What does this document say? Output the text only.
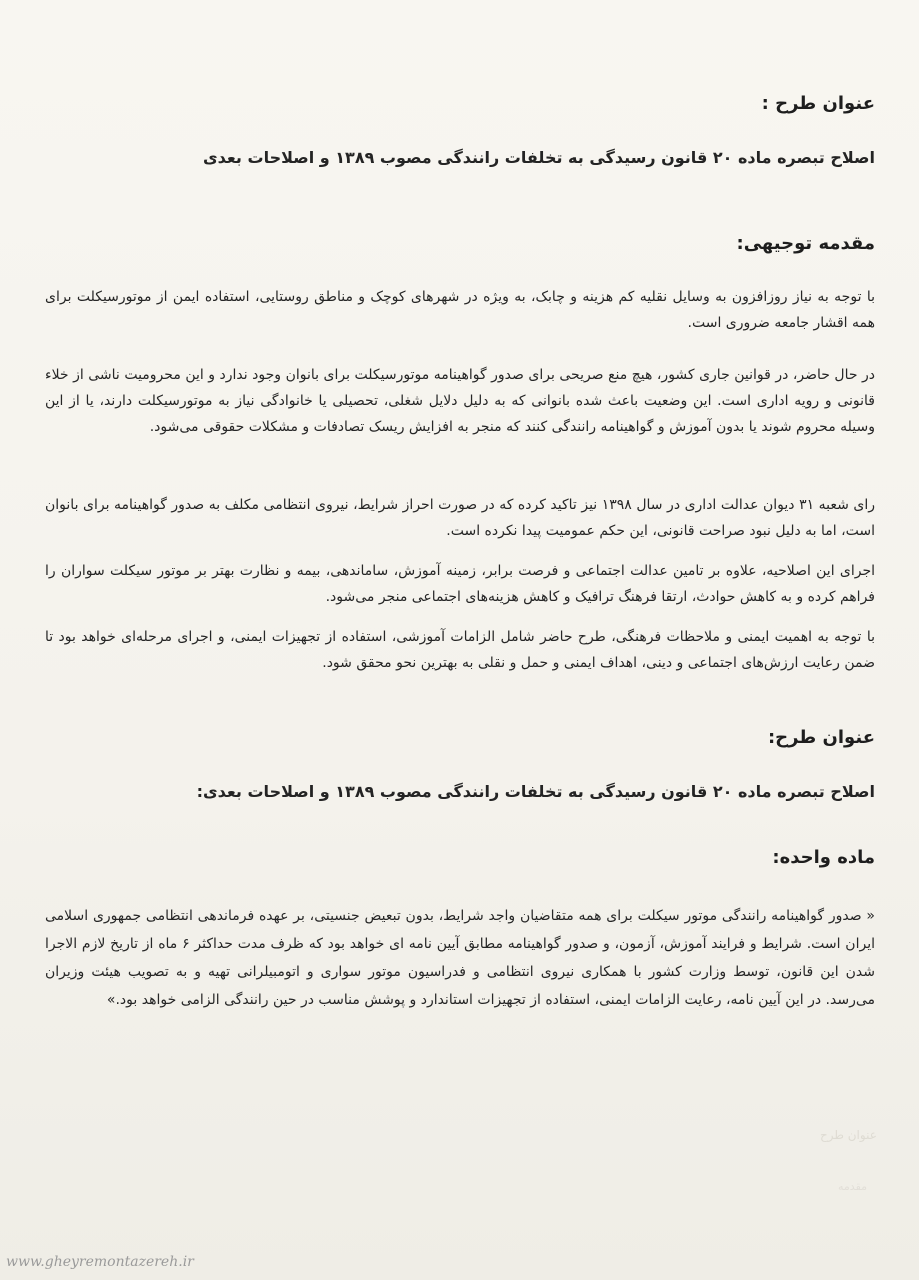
عنوان طرح :
اصلاح تبصره ماده ۲۰ قانون رسیدگی به تخلفات رانندگی مصوب ۱۳۸۹ و اصلاحات بعدی
مقدمه توجیهی:

با توجه به نیاز روزافزون به وسایل نقلیه کم هزینه و چابک، به ویژه در شهرهای کوچک و مناطق روستایی، استفاده ایمن از موتورسیکلت برای همه اقشار جامعه ضروری است.

در حال حاضر، در قوانین جاری کشور، هیچ منع صریحی برای صدور گواهینامه موتورسیکلت برای بانوان وجود ندارد و این محرومیت ناشی از خلاء قانونی و رویه اداری است. این وضعیت باعث شده بانوانی که به دلیل دلایل شغلی، تحصیلی یا خانوادگی نیاز به موتورسیکلت دارند، یا از این وسیله محروم شوند یا بدون آموزش و گواهینامه رانندگی کنند که منجر به افزایش ریسک تصادفات و مشکلات حقوقی می‌شود.

رای شعبه ۳۱ دیوان عدالت اداری در سال ۱۳۹۸ نیز تاکید کرده که در صورت احراز شرایط، نیروی انتظامی مکلف به صدور گواهینامه برای بانوان است، اما به دلیل نبود صراحت قانونی، این حکم عمومیت پیدا نکرده است.

اجرای این اصلاحیه، علاوه بر تامین عدالت اجتماعی و فرصت برابر، زمینه آموزش، ساماندهی، بیمه و نظارت بهتر بر موتور سیکلت سواران را فراهم کرده و به کاهش حوادث، ارتقا فرهنگ ترافیک و کاهش هزینه‌های اجتماعی منجر می‌شود.

با توجه به اهمیت ایمنی و ملاحظات فرهنگی، طرح حاضر شامل الزامات آموزشی، استفاده از تجهیزات ایمنی، و اجرای مرحله‌ای خواهد بود تا ضمن رعایت ارزش‌های اجتماعی و دینی، اهداف ایمنی و حمل و نقلی به بهترین نحو محقق شود.

عنوان طرح:
اصلاح تبصره ماده ۲۰ قانون رسیدگی به تخلفات رانندگی مصوب ۱۳۸۹ و اصلاحات بعدی:
ماده واحده:

« صدور گواهینامه رانندگی موتور سیکلت برای همه متقاضیان واجد شرایط، بدون تبعیض جنسیتی، بر عهده فرماندهی انتظامی جمهوری اسلامی ایران است. شرایط و فرایند آموزش، آزمون، و صدور گواهینامه مطابق آیین نامه ای خواهد بود که ظرف مدت حداکثر ۶ ماه از تاریخ لازم الاجرا شدن این قانون، توسط وزارت کشور با همکاری نیروی انتظامی و فدراسیون موتور سواری و اتومبیلرانی تهیه و به تصویب هیئت وزیران می‌رسد. در این آیین نامه، رعایت الزامات ایمنی، استفاده از تجهیزات استاندارد و پوشش مناسب در حین رانندگی الزامی خواهد بود.»

عنوان طرح
مقدمه
www.gheyremontazereh.ir
